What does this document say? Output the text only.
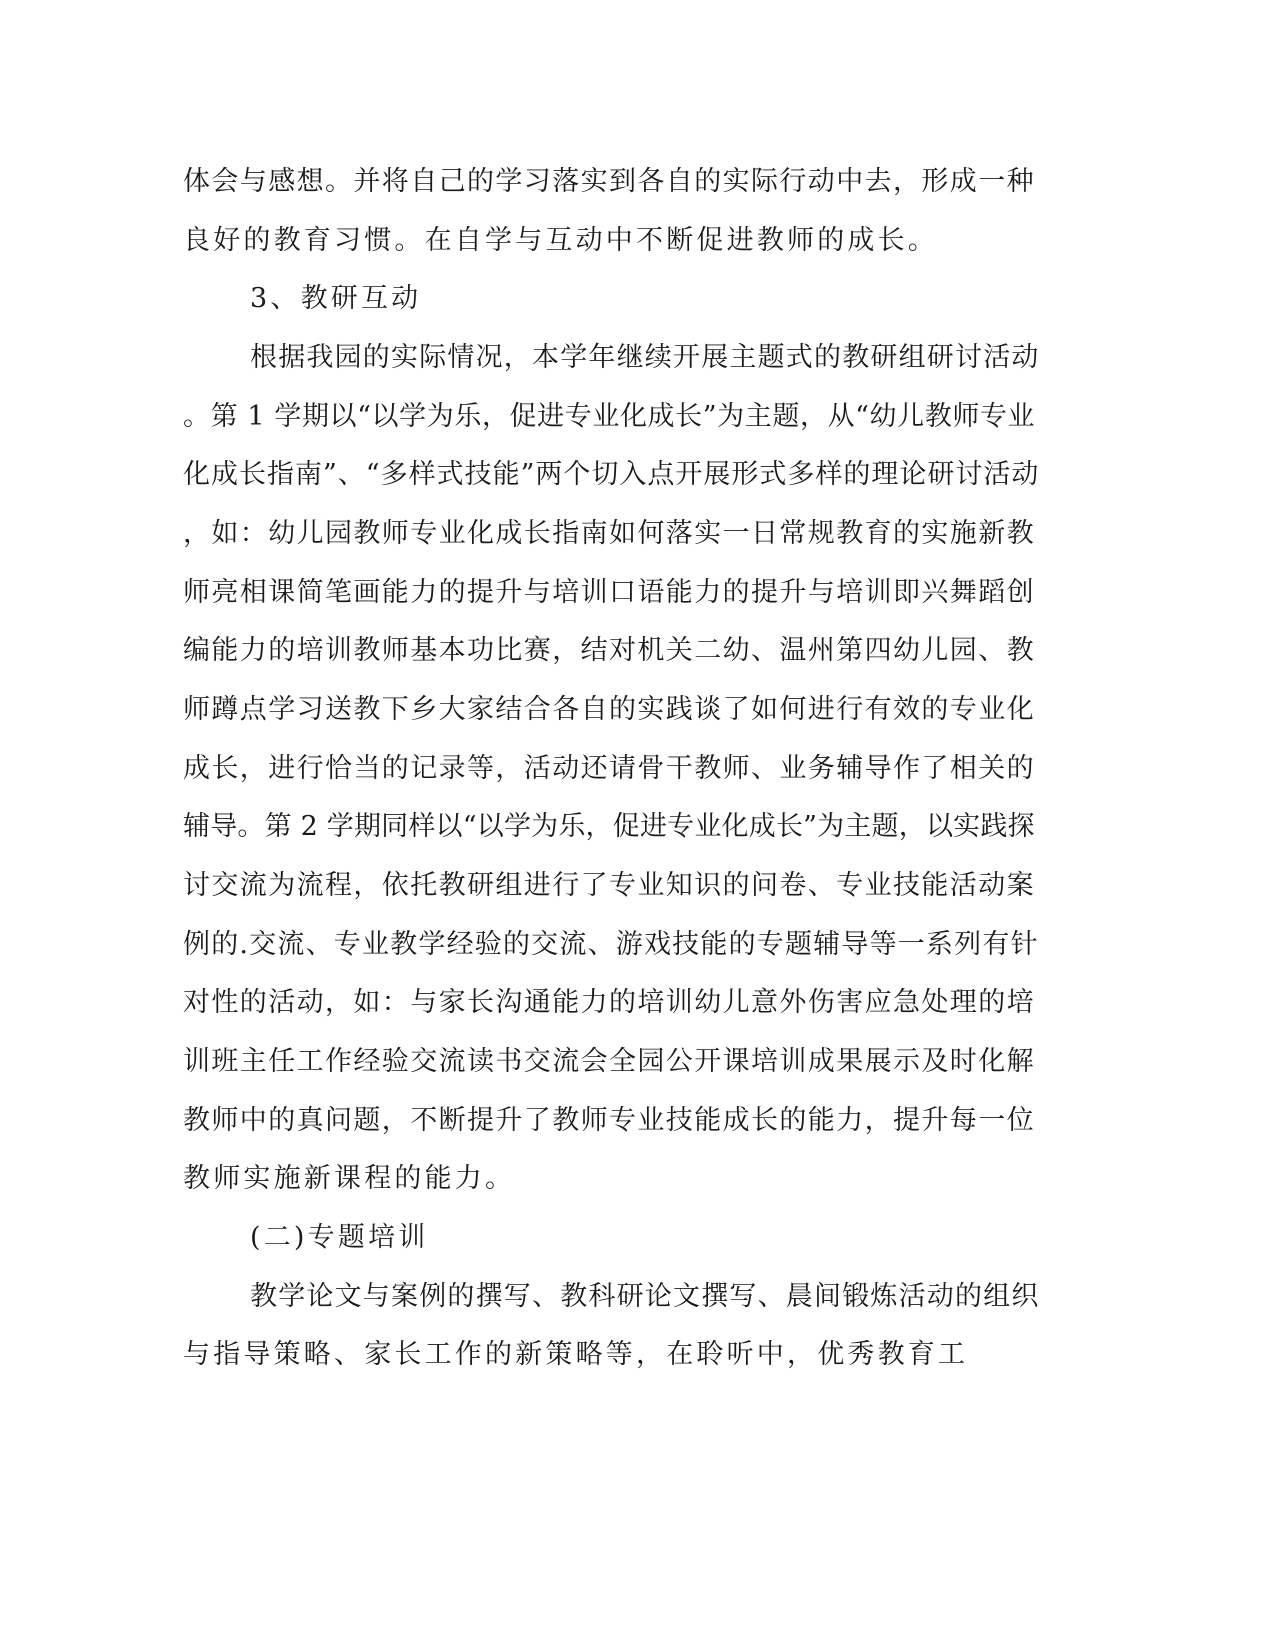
体会与感想。并将自己的学习落实到各自的实际行动中去，形成一种
良好的教育习惯。在自学与互动中不断促进教师的成长。
3、教研互动
根据我园的实际情况，本学年继续开展主题式的教研组研讨活动
。第 1 学期以“以学为乐，促进专业化成长”为主题，从“幼儿教师专业
化成长指南”、“多样式技能”两个切入点开展形式多样的理论研讨活动
，如：幼儿园教师专业化成长指南如何落实一日常规教育的实施新教
师亮相课简笔画能力的提升与培训口语能力的提升与培训即兴舞蹈创
编能力的培训教师基本功比赛，结对机关二幼、温州第四幼儿园、教
师蹲点学习送教下乡大家结合各自的实践谈了如何进行有效的专业化
成长，进行恰当的记录等，活动还请骨干教师、业务辅导作了相关的
辅导。第 2 学期同样以“以学为乐，促进专业化成长”为主题，以实践探
讨交流为流程，依托教研组进行了专业知识的问卷、专业技能活动案
例的.交流、专业教学经验的交流、游戏技能的专题辅导等一系列有针
对性的活动，如：与家长沟通能力的培训幼儿意外伤害应急处理的培
训班主任工作经验交流读书交流会全园公开课培训成果展示及时化解
教师中的真问题，不断提升了教师专业技能成长的能力，提升每一位
教师实施新课程的能力。
(二)专题培训
教学论文与案例的撰写、教科研论文撰写、晨间锻炼活动的组织
与指导策略、家长工作的新策略等，在聆听中，优秀教育工
